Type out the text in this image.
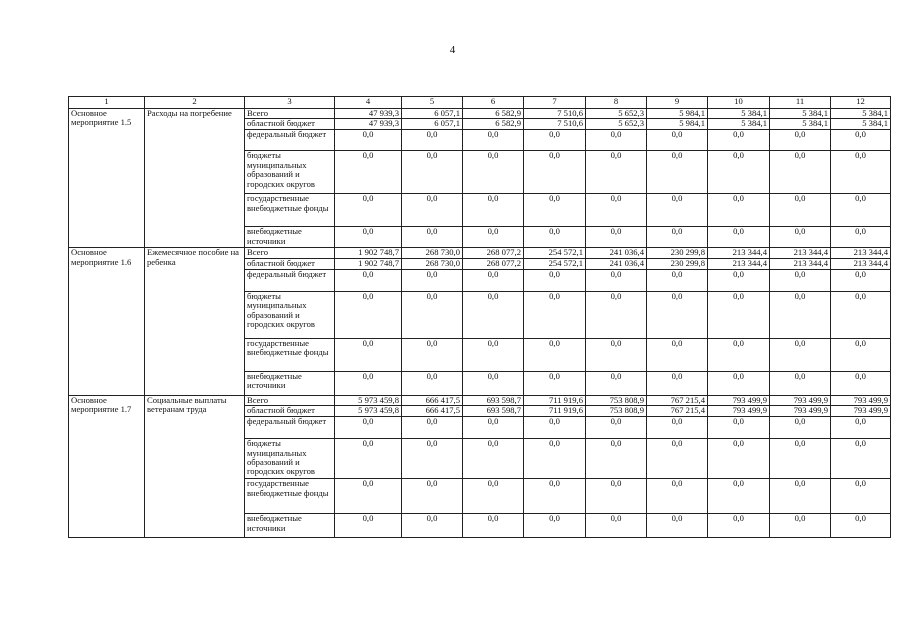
4
1	2	3	4	5	6	7	8	9	10	11	12
Основное мероприятие 1.5	Расходы на погребение	Всего	47 939,3	6 057,1	6 582,9	7 510,6	5 652,3	5 984,1	5 384,1	5 384,1	5 384,1
		областной бюджет	47 939,3	6 057,1	6 582,9	7 510,6	5 652,3	5 984,1	5 384,1	5 384,1	5 384,1
		федеральный бюджет	0,0	0,0	0,0	0,0	0,0	0,0	0,0	0,0	0,0
		бюджеты муниципальных образований и городских округов	0,0	0,0	0,0	0,0	0,0	0,0	0,0	0,0	0,0
		государственные внебюджетные фонды	0,0	0,0	0,0	0,0	0,0	0,0	0,0	0,0	0,0
		внебюджетные источники	0,0	0,0	0,0	0,0	0,0	0,0	0,0	0,0	0,0
Основное мероприятие 1.6	Ежемесячное пособие на ребенка	Всего	1 902 748,7	268 730,0	268 077,2	254 572,1	241 036,4	230 299,8	213 344,4	213 344,4	213 344,4
		областной бюджет	1 902 748,7	268 730,0	268 077,2	254 572,1	241 036,4	230 299,8	213 344,4	213 344,4	213 344,4
		федеральный бюджет	0,0	0,0	0,0	0,0	0,0	0,0	0,0	0,0	0,0
		бюджеты муниципальных образований и городских округов	0,0	0,0	0,0	0,0	0,0	0,0	0,0	0,0	0,0
		государственные внебюджетные фонды	0,0	0,0	0,0	0,0	0,0	0,0	0,0	0,0	0,0
		внебюджетные источники	0,0	0,0	0,0	0,0	0,0	0,0	0,0	0,0	0,0
Основное мероприятие 1.7	Социальные выплаты ветеранам труда	Всего	5 973 459,8	666 417,5	693 598,7	711 919,6	753 808,9	767 215,4	793 499,9	793 499,9	793 499,9
		областной бюджет	5 973 459,8	666 417,5	693 598,7	711 919,6	753 808,9	767 215,4	793 499,9	793 499,9	793 499,9
		федеральный бюджет	0,0	0,0	0,0	0,0	0,0	0,0	0,0	0,0	0,0
		бюджеты муниципальных образований и городских округов	0,0	0,0	0,0	0,0	0,0	0,0	0,0	0,0	0,0
		государственные внебюджетные фонды	0,0	0,0	0,0	0,0	0,0	0,0	0,0	0,0	0,0
		внебюджетные источники	0,0	0,0	0,0	0,0	0,0	0,0	0,0	0,0	0,0
